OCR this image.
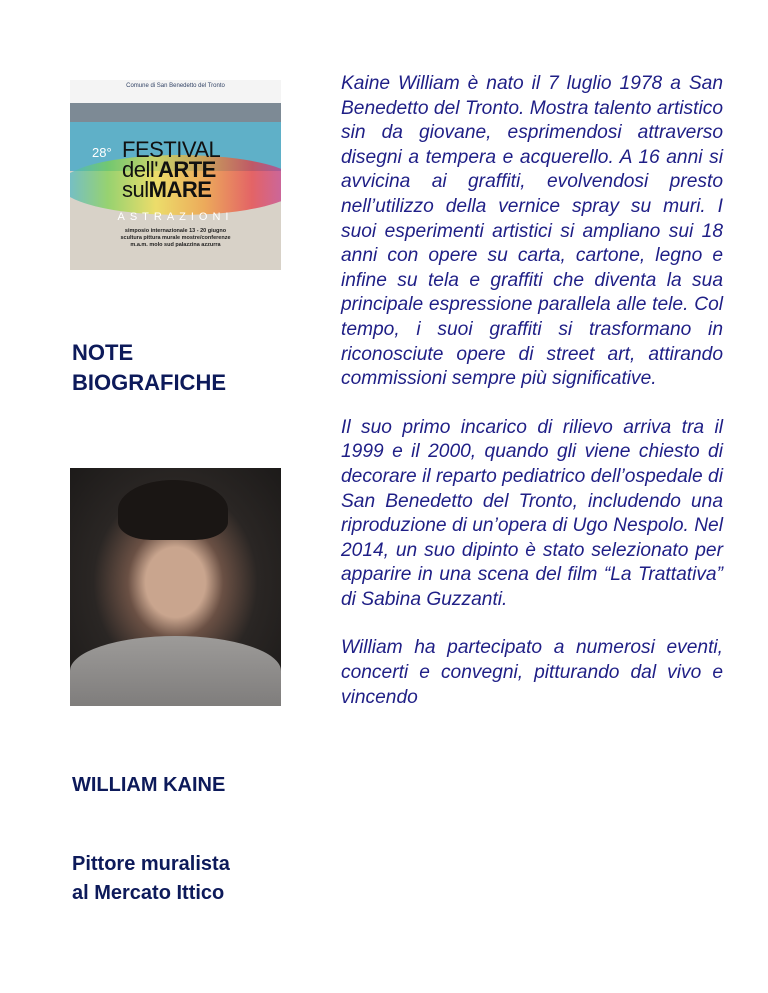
Comune di San Benedetto del Tronto
28° FESTIVAL
dell'ARTE
sulMARE
ASTRAZIONI
simposio internazionale 13 - 20 giugno
scultura pittura murale mostre/conferenze
m.a.m. molo sud palazzina azzurra
NOTE
BIOGRAFICHE
WILLIAM KAINE
Pittore muralista
al Mercato Ittico

Kaine William è nato il 7 luglio 1978 a San Benedetto del Tronto. Mostra talento artistico sin da giovane, esprimendosi attraverso disegni a tempera e acquerello. A 16 anni si avvicina ai graffiti, evolvendosi presto nell’utilizzo della vernice spray su muri. I suoi esperimenti artistici si ampliano sui 18 anni con opere su carta, cartone, legno e infine su tela e graffiti che diventa la sua principale espressione parallela alle tele. Col tempo, i suoi graffiti si trasformano in riconosciute opere di street art, attirando commissioni sempre più significative.

Il suo primo incarico di rilievo arriva tra il 1999 e il 2000, quando gli viene chiesto di decorare il reparto pediatrico dell’ospedale di San Benedetto del Tronto, includendo una riproduzione di un’opera di Ugo Nespolo. Nel 2014, un suo dipinto è stato selezionato per apparire in una scena del film “La Trattativa” di Sabina Guzzanti.

William ha partecipato a numerosi eventi, concerti e convegni, pitturando dal vivo e vincendo
